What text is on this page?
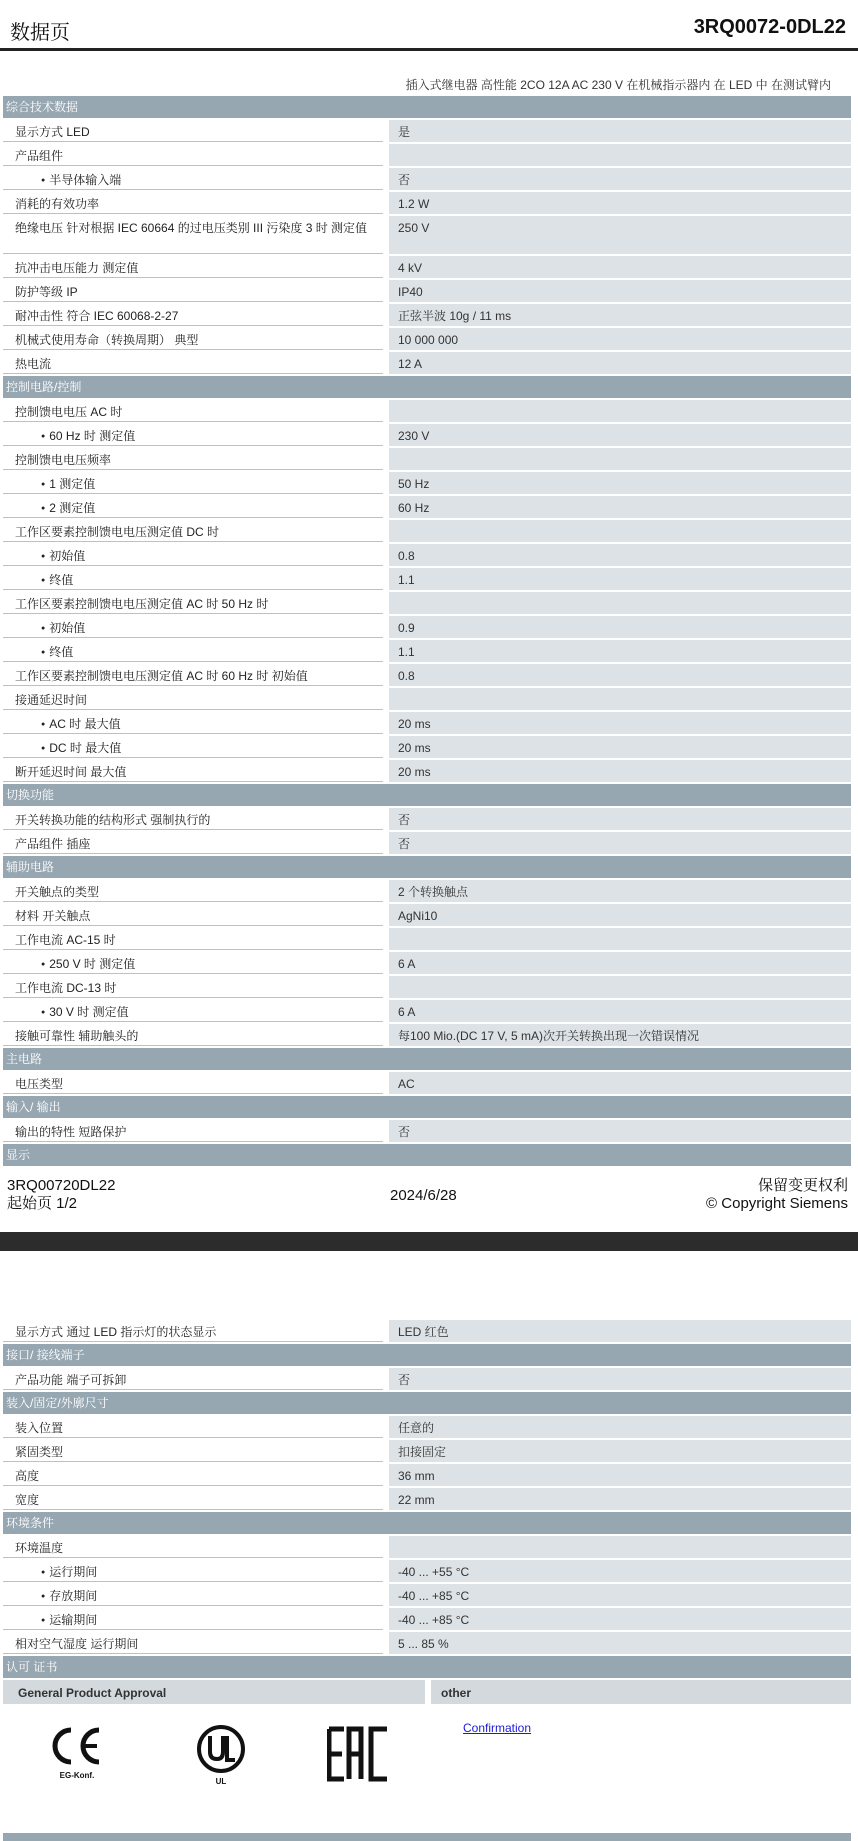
数据页	3RQ0072-0DL22
插入式继电器 高性能 2CO 12A AC 230 V 在机械指示器内 在 LED 中 在测试臂内
综合技术数据
显示方式 LED	是
产品组件
● 半导体输入端	否
消耗的有效功率	1.2 W
绝缘电压 针对根据 IEC 60664 的过电压类别 III 污染度 3 时 测定值	250 V
抗冲击电压能力 测定值	4 kV
防护等级 IP	IP40
耐冲击性 符合 IEC 60068-2-27	正弦半波 10g / 11 ms
机械式使用寿命（转换周期） 典型	10 000 000
热电流	12 A
控制电路/控制
控制馈电电压 AC 时
● 60 Hz 时 测定值	230 V
控制馈电电压频率
● 1 测定值	50 Hz
● 2 测定值	60 Hz
工作区要素控制馈电电压测定值 DC 时
● 初始值	0.8
● 终值	1.1
工作区要素控制馈电电压测定值 AC 时 50 Hz 时
● 初始值	0.9
● 终值	1.1
工作区要素控制馈电电压测定值 AC 时 60 Hz 时 初始值	0.8
接通延迟时间
● AC 时 最大值	20 ms
● DC 时 最大值	20 ms
断开延迟时间 最大值	20 ms
切换功能
开关转换功能的结构形式 强制执行的	否
产品组件 插座	否
辅助电路
开关触点的类型	2 个转换触点
材料 开关触点	AgNi10
工作电流 AC-15 时
● 250 V 时 测定值	6 A
工作电流 DC-13 时
● 30 V 时 测定值	6 A
接触可靠性 辅助触头的	每100 Mio.(DC 17 V, 5 mA)次开关转换出现一次错误情况
主电路
电压类型	AC
输入/ 输出
输出的特性 短路保护	否
显示
3RQ00720DL22
起始页 1/2	2024/6/28
保留变更权利
© Copyright Siemens
显示方式 通过 LED 指示灯的状态显示	LED 红色
接口/ 接线端子
产品功能 端子可拆卸	否
装入/固定/外廓尺寸
装入位置	任意的
紧固类型	扣接固定
高度	36 mm
宽度	22 mm
环境条件
环境温度
● 运行期间	-40 ... +55 °C
● 存放期间	-40 ... +85 °C
● 运输期间	-40 ... +85 °C
相对空气湿度 运行期间	5 ... 85 %
认可 证书
General Product Approval	other
EG-Konf.
UL
Confirmation
